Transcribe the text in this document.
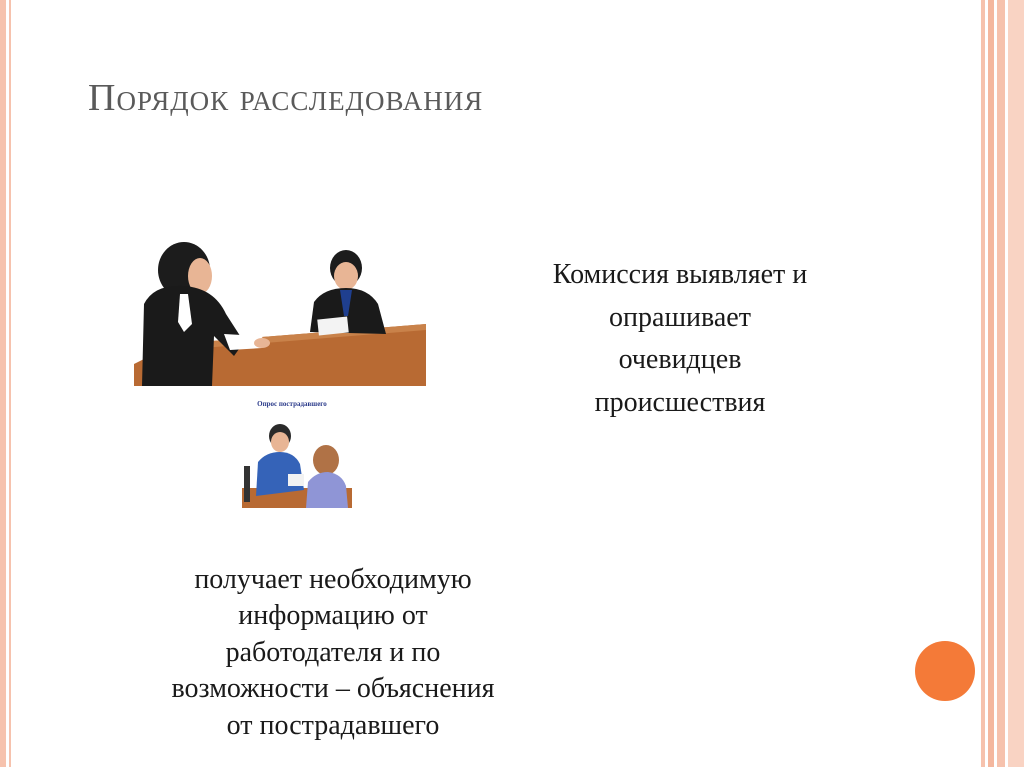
Порядок расследования
Опрос пострадавшего
Комиссия выявляет и
опрашивает
очевидцев
происшествия
получает необходимую
информацию от
работодателя и по
возможности – объяснения
от пострадавшего
